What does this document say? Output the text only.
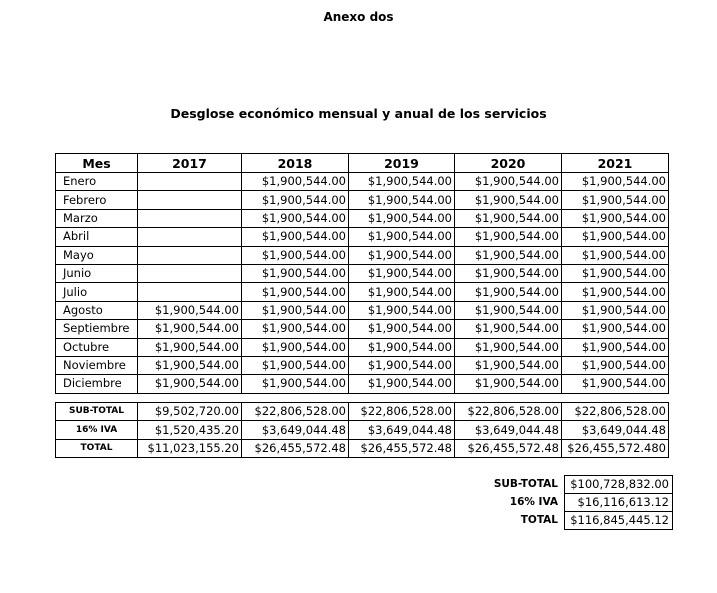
Anexo dos
Desglose económico mensual y anual de los servicios
Mes	2017	2018	2019	2020	2021
Enero		$1,900,544.00	$1,900,544.00	$1,900,544.00	$1,900,544.00
Febrero		$1,900,544.00	$1,900,544.00	$1,900,544.00	$1,900,544.00
Marzo		$1,900,544.00	$1,900,544.00	$1,900,544.00	$1,900,544.00
Abril		$1,900,544.00	$1,900,544.00	$1,900,544.00	$1,900,544.00
Mayo		$1,900,544.00	$1,900,544.00	$1,900,544.00	$1,900,544.00
Junio		$1,900,544.00	$1,900,544.00	$1,900,544.00	$1,900,544.00
Julio		$1,900,544.00	$1,900,544.00	$1,900,544.00	$1,900,544.00
Agosto	$1,900,544.00	$1,900,544.00	$1,900,544.00	$1,900,544.00	$1,900,544.00
Septiembre	$1,900,544.00	$1,900,544.00	$1,900,544.00	$1,900,544.00	$1,900,544.00
Octubre	$1,900,544.00	$1,900,544.00	$1,900,544.00	$1,900,544.00	$1,900,544.00
Noviembre	$1,900,544.00	$1,900,544.00	$1,900,544.00	$1,900,544.00	$1,900,544.00
Diciembre	$1,900,544.00	$1,900,544.00	$1,900,544.00	$1,900,544.00	$1,900,544.00
SUB-TOTAL	$9,502,720.00	$22,806,528.00	$22,806,528.00	$22,806,528.00	$22,806,528.00
16% IVA	$1,520,435.20	$3,649,044.48	$3,649,044.48	$3,649,044.48	$3,649,044.48
TOTAL	$11,023,155.20	$26,455,572.48	$26,455,572.48	$26,455,572.48	$26,455,572.480
SUB-TOTAL	$100,728,832.00
16% IVA	$16,116,613.12
TOTAL	$116,845,445.12
